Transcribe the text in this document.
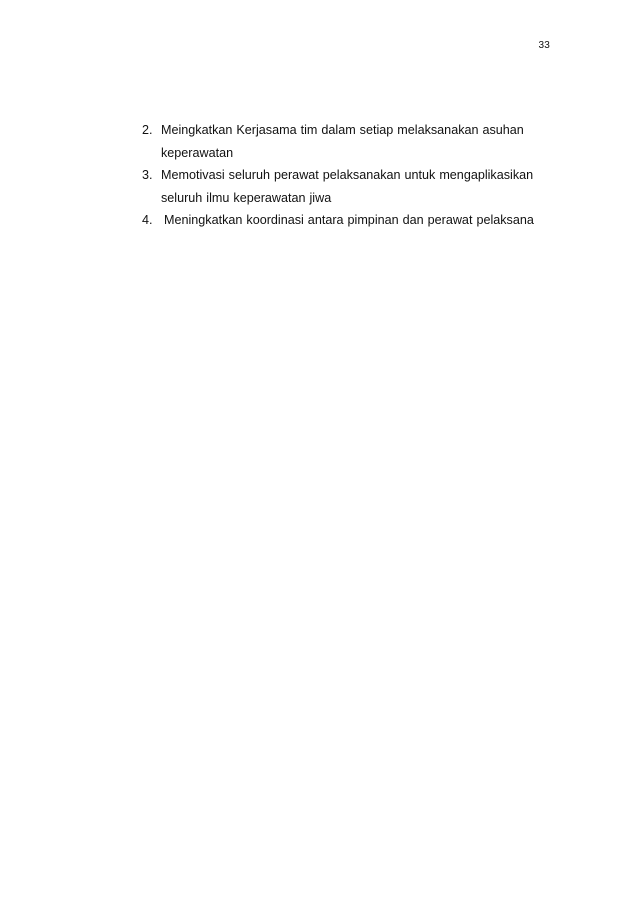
33
2. Meingkatkan Kerjasama tim dalam setiap melaksanakan asuhan
keperawatan
3. Memotivasi seluruh perawat pelaksanakan untuk mengaplikasikan
seluruh ilmu keperawatan jiwa
4. Meningkatkan koordinasi antara pimpinan dan perawat pelaksana
